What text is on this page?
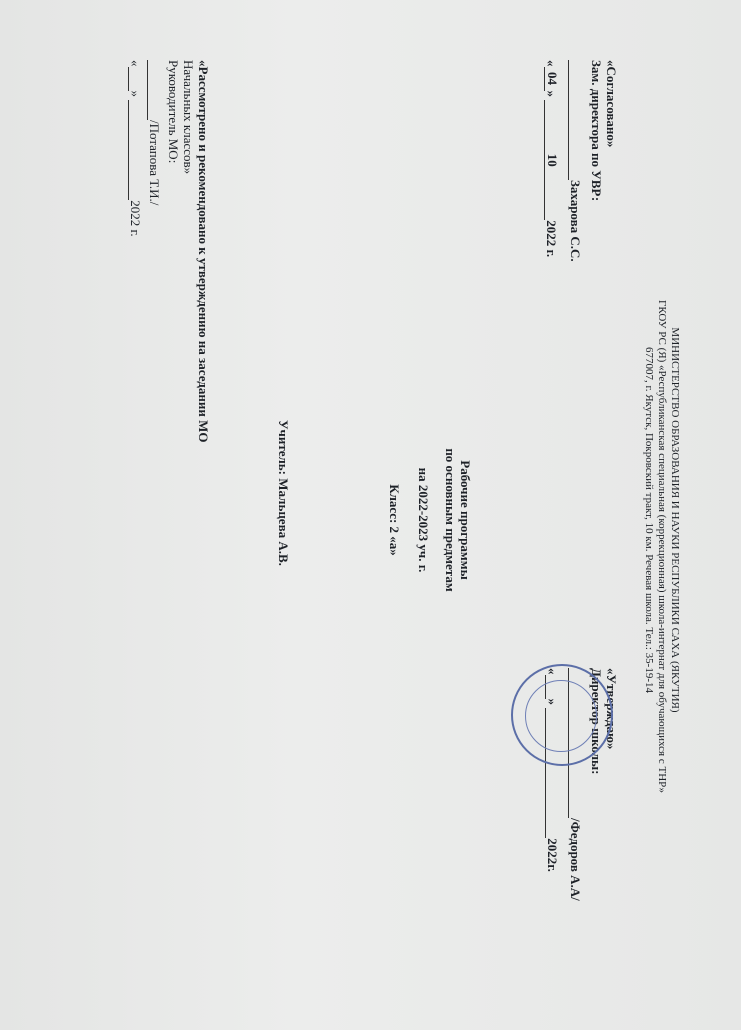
МИНИСТЕРСТВО ОБРАЗОВАНИЯ И НАУКИ РЕСПУБЛИКИ САХА (ЯКУТИЯ)
ГКОУ РС (Я) «Республиканская специальная (коррекционная) школа-интернат для обучающихся с ТНР»
677007, г. Якутск, Покровский тракт, 10 км. Речевая школа. Тел.: 35-19-14
«Согласовано»
Зам. директора по УВР:
Захарова С.С.
«04» 102022 г.
«Утверждаю»
Директор школы:
/Федоров А.А/
«» 2022г.
Рабочие программы
по основным предметам
на 2022-2023 уч. г.
Класс: 2 «а»
Учитель: Мальцева А.В.
«Рассмотрено и рекомендовано к утверждению на заседании МО
Начальных классов»
Руководитель МО:
/Потапова Т.И./
«» 2022 г.
